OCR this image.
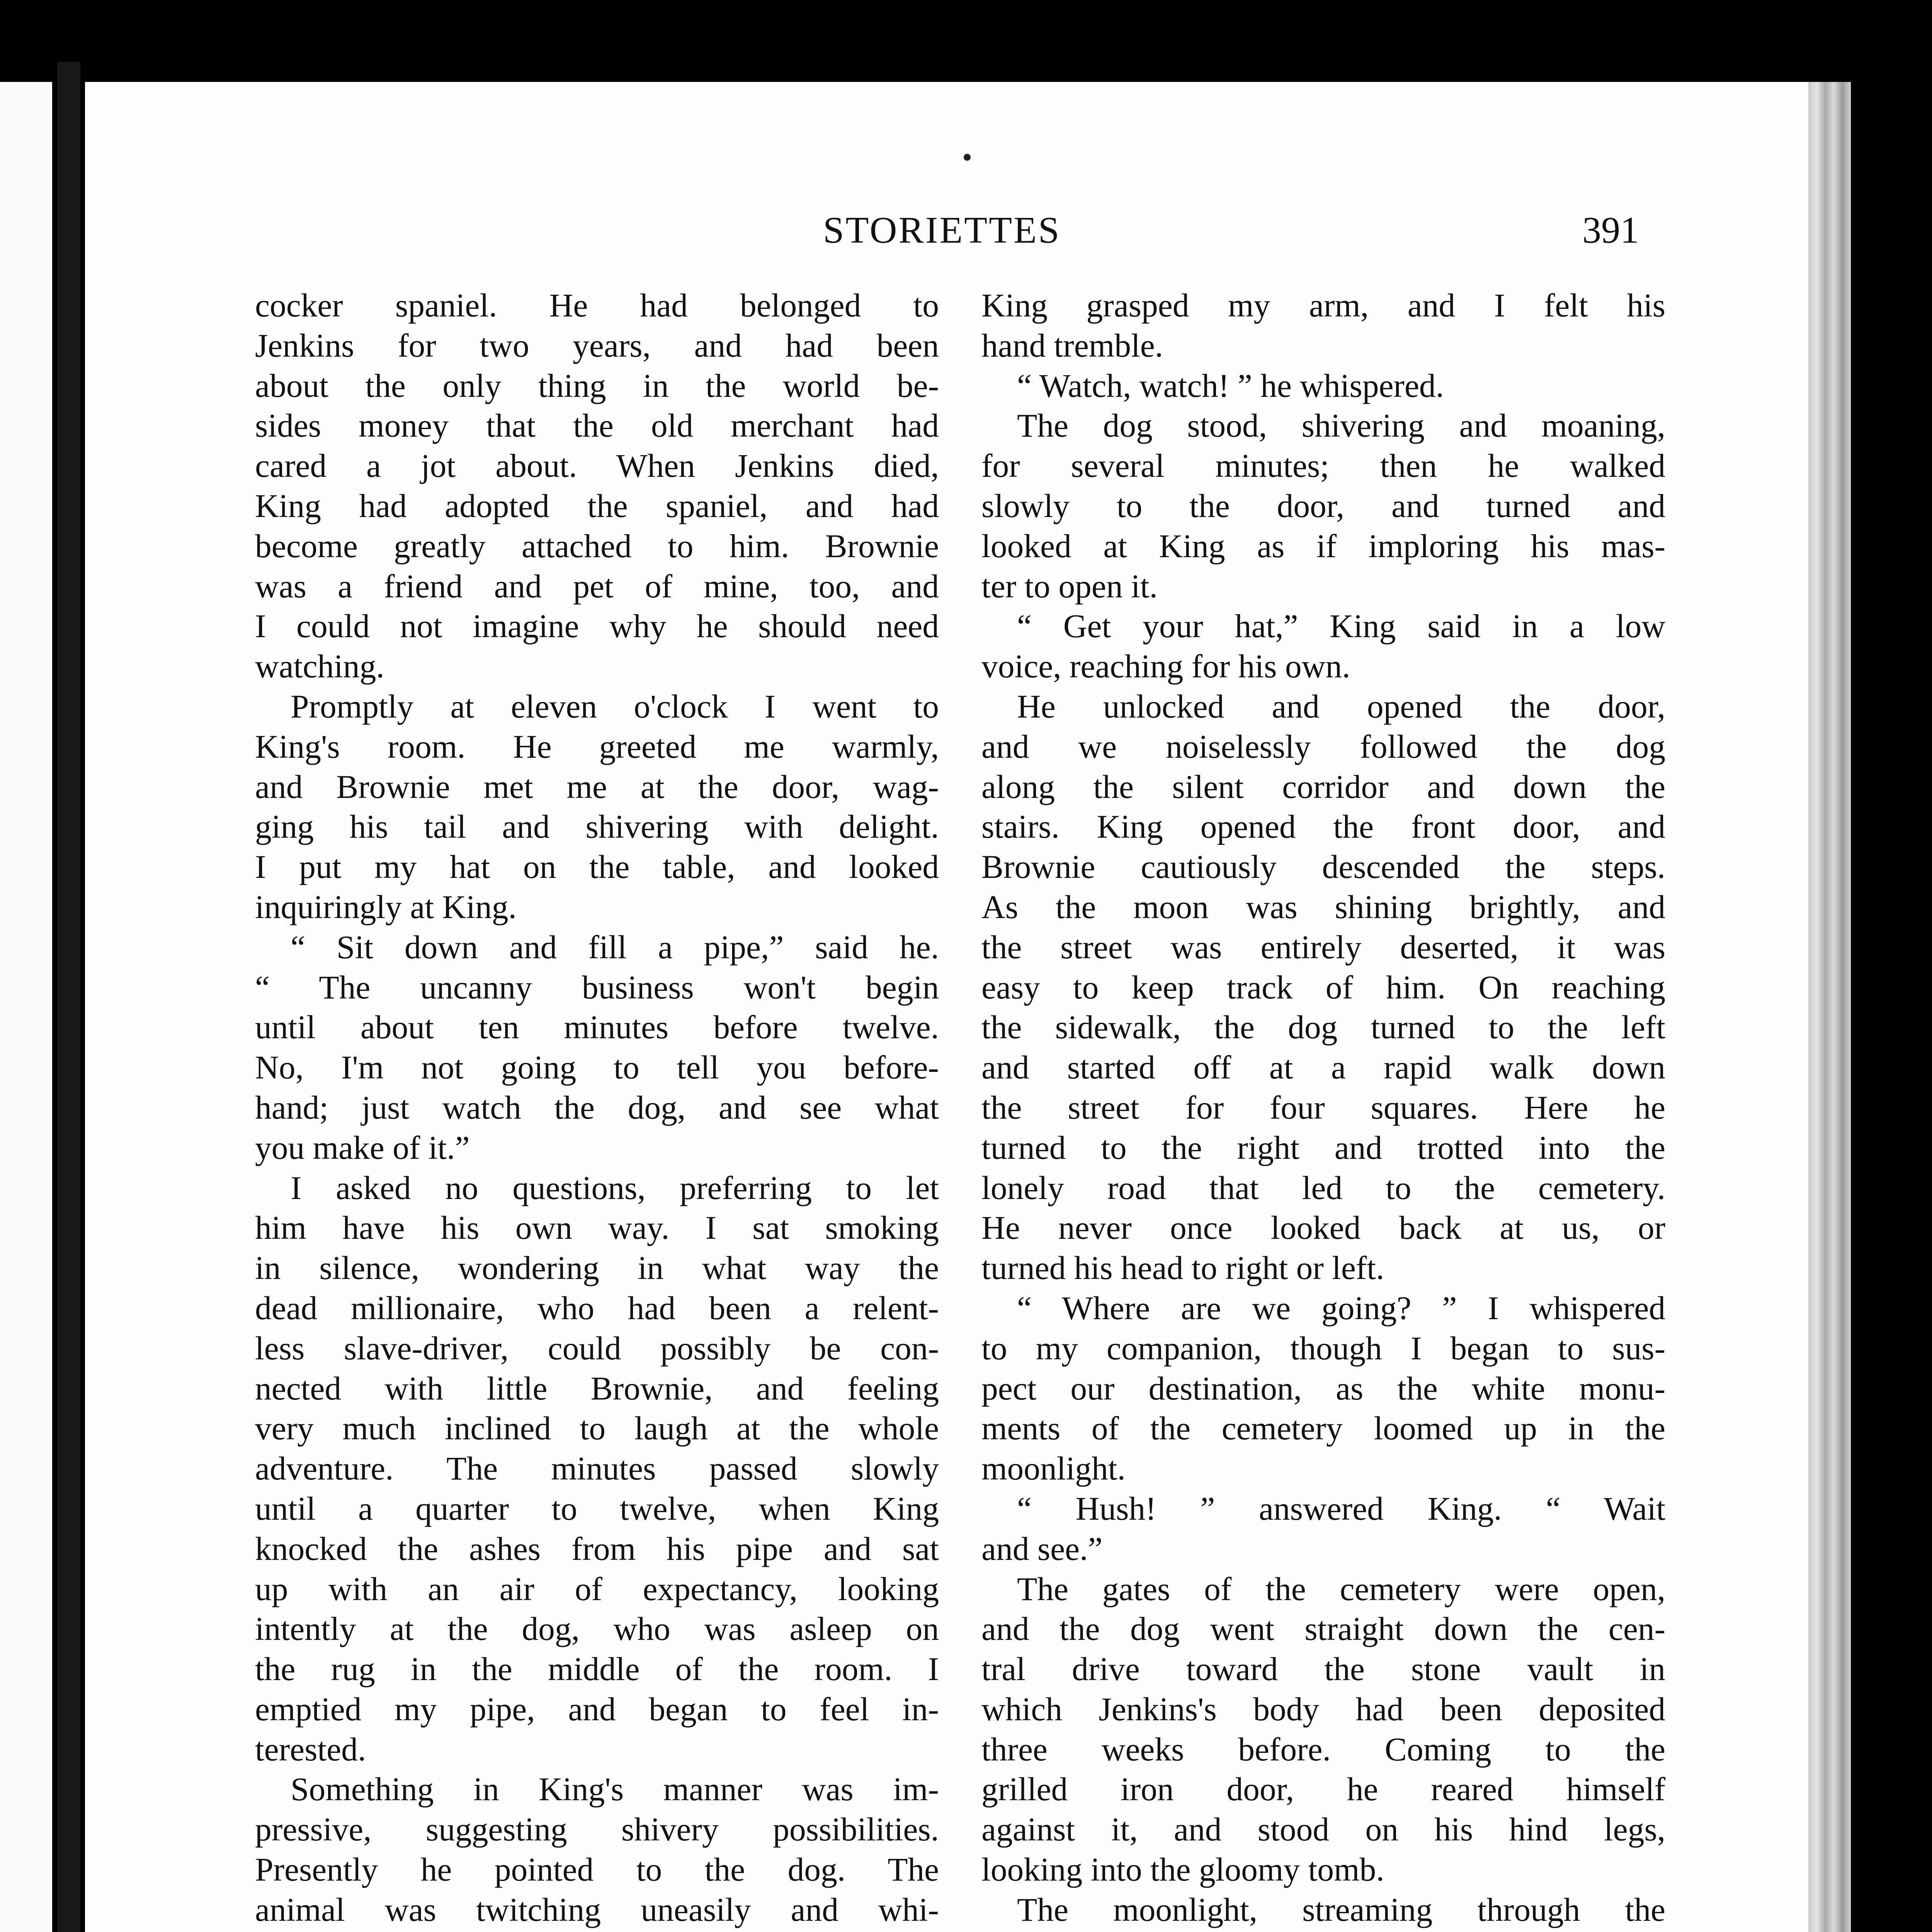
STORIETTES	391
cocker spaniel. He had belonged to
Jenkins for two years, and had been
about the only thing in the world be-
sides money that the old merchant had
cared a jot about. When Jenkins died,
King had adopted the spaniel, and had
become greatly attached to him. Brownie
was a friend and pet of mine, too, and
I could not imagine why he should need
watching.
Promptly at eleven o'clock I went to
King's room. He greeted me warmly,
and Brownie met me at the door, wag-
ging his tail and shivering with delight.
I put my hat on the table, and looked
inquiringly at King.
“ Sit down and fill a pipe,” said he.
“ The uncanny business won't begin
until about ten minutes before twelve.
No, I'm not going to tell you before-
hand; just watch the dog, and see what
you make of it.”
I asked no questions, preferring to let
him have his own way. I sat smoking
in silence, wondering in what way the
dead millionaire, who had been a relent-
less slave-driver, could possibly be con-
nected with little Brownie, and feeling
very much inclined to laugh at the whole
adventure. The minutes passed slowly
until a quarter to twelve, when King
knocked the ashes from his pipe and sat
up with an air of expectancy, looking
intently at the dog, who was asleep on
the rug in the middle of the room. I
emptied my pipe, and began to feel in-
terested.
Something in King's manner was im-
pressive, suggesting shivery possibilities.
Presently he pointed to the dog. The
animal was twitching uneasily and whi-
King grasped my arm, and I felt his
hand tremble.
“ Watch, watch! ” he whispered.
The dog stood, shivering and moaning,
for several minutes; then he walked
slowly to the door, and turned and
looked at King as if imploring his mas-
ter to open it.
“ Get your hat,” King said in a low
voice, reaching for his own.
He unlocked and opened the door,
and we noiselessly followed the dog
along the silent corridor and down the
stairs. King opened the front door, and
Brownie cautiously descended the steps.
As the moon was shining brightly, and
the street was entirely deserted, it was
easy to keep track of him. On reaching
the sidewalk, the dog turned to the left
and started off at a rapid walk down
the street for four squares. Here he
turned to the right and trotted into the
lonely road that led to the cemetery.
He never once looked back at us, or
turned his head to right or left.
“ Where are we going? ” I whispered
to my companion, though I began to sus-
pect our destination, as the white monu-
ments of the cemetery loomed up in the
moonlight.
“ Hush! ” answered King. “ Wait
and see.”
The gates of the cemetery were open,
and the dog went straight down the cen-
tral drive toward the stone vault in
which Jenkins's body had been deposited
three weeks before. Coming to the
grilled iron door, he reared himself
against it, and stood on his hind legs,
looking into the gloomy tomb.
The moonlight, streaming through the
